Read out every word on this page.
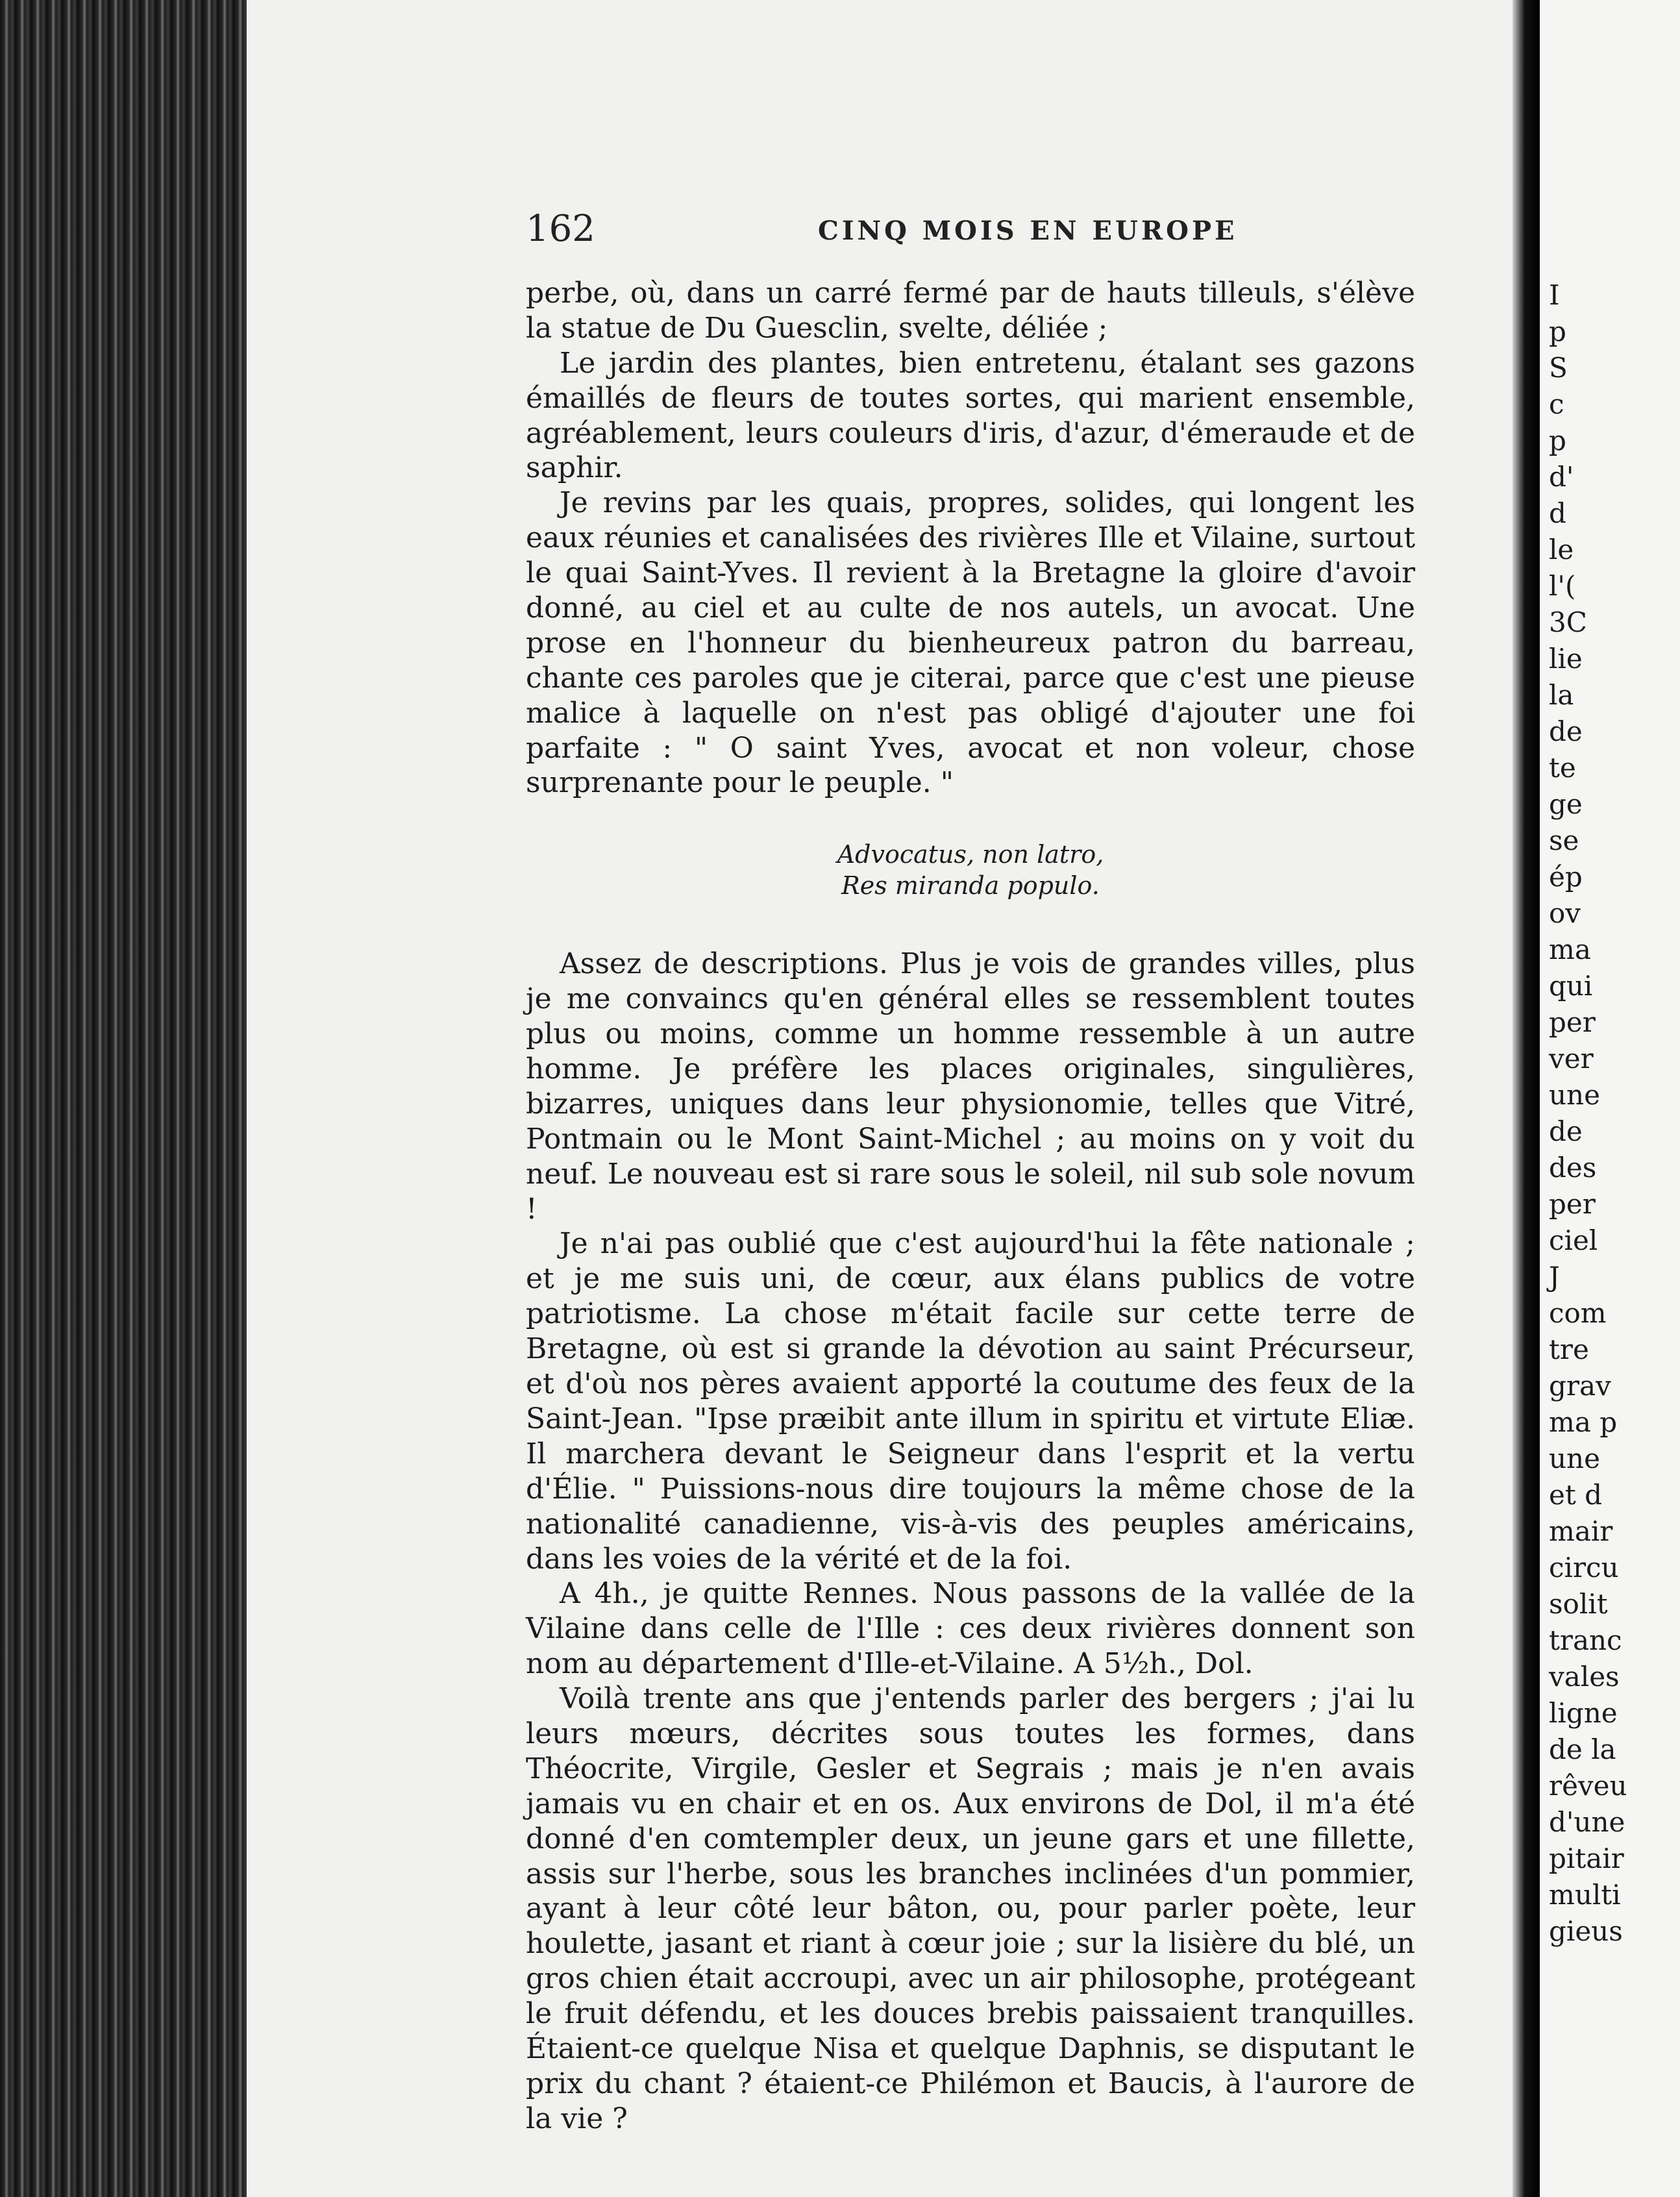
I
p
S
c
p
d'
d
le
l'(
3C
lie
la
de
te
ge
se
ép
ov
ma
qui
per
ver
une
de
des
per
ciel
J
com
tre
grav
ma p
une
et d
mair
circu
solit
tranc
vales
ligne
de la
rêveu
d'une
pitair
multi
gieus
162	CINQ MOIS EN EUROPE

perbe, où, dans un carré fermé par de hauts tilleuls, s'élève la statue de Du Guesclin, svelte, déliée ;

Le jardin des plantes, bien entretenu, étalant ses gazons émaillés de fleurs de toutes sortes, qui marient ensemble, agréablement, leurs couleurs d'iris, d'azur, d'émeraude et de saphir.

Je revins par les quais, propres, solides, qui longent les eaux réunies et canalisées des rivières Ille et Vilaine, surtout le quai Saint-Yves. Il revient à la Bretagne la gloire d'avoir donné, au ciel et au culte de nos autels, un avocat. Une prose en l'honneur du bienheureux patron du barreau, chante ces paroles que je citerai, parce que c'est une pieuse malice à laquelle on n'est pas obligé d'ajouter une foi parfaite : " O saint Yves, avocat et non voleur, chose surprenante pour le peuple. "

Advocatus, non latro,
Res miranda populo.

Assez de descriptions. Plus je vois de grandes villes, plus je me convaincs qu'en général elles se ressemblent toutes plus ou moins, comme un homme ressemble à un autre homme. Je préfère les places originales, singulières, bizarres, uniques dans leur physionomie, telles que Vitré, Pontmain ou le Mont Saint-Michel ; au moins on y voit du neuf. Le nouveau est si rare sous le soleil, nil sub sole novum !

Je n'ai pas oublié que c'est aujourd'hui la fête nationale ; et je me suis uni, de cœur, aux élans publics de votre patriotisme. La chose m'était facile sur cette terre de Bretagne, où est si grande la dévotion au saint Précurseur, et d'où nos pères avaient apporté la coutume des feux de la Saint-Jean. "Ipse præibit ante illum in spiritu et virtute Eliæ. Il marchera devant le Seigneur dans l'esprit et la vertu d'Élie. " Puissions-nous dire toujours la même chose de la nationalité canadienne, vis-à-vis des peuples américains, dans les voies de la vérité et de la foi.

A 4h., je quitte Rennes. Nous passons de la vallée de la Vilaine dans celle de l'Ille : ces deux rivières donnent son nom au département d'Ille-et-Vilaine. A 5½h., Dol.

Voilà trente ans que j'entends parler des bergers ; j'ai lu leurs mœurs, décrites sous toutes les formes, dans Théocrite, Virgile, Gesler et Segrais ; mais je n'en avais jamais vu en chair et en os. Aux environs de Dol, il m'a été donné d'en comtempler deux, un jeune gars et une fillette, assis sur l'herbe, sous les branches inclinées d'un pommier, ayant à leur côté leur bâton, ou, pour parler poète, leur houlette, jasant et riant à cœur joie ; sur la lisière du blé, un gros chien était accroupi, avec un air philosophe, protégeant le fruit défendu, et les douces brebis paissaient tranquilles. Étaient-ce quelque Nisa et quelque Daphnis, se disputant le prix du chant ? étaient-ce Philémon et Baucis, à l'aurore de la vie ?
